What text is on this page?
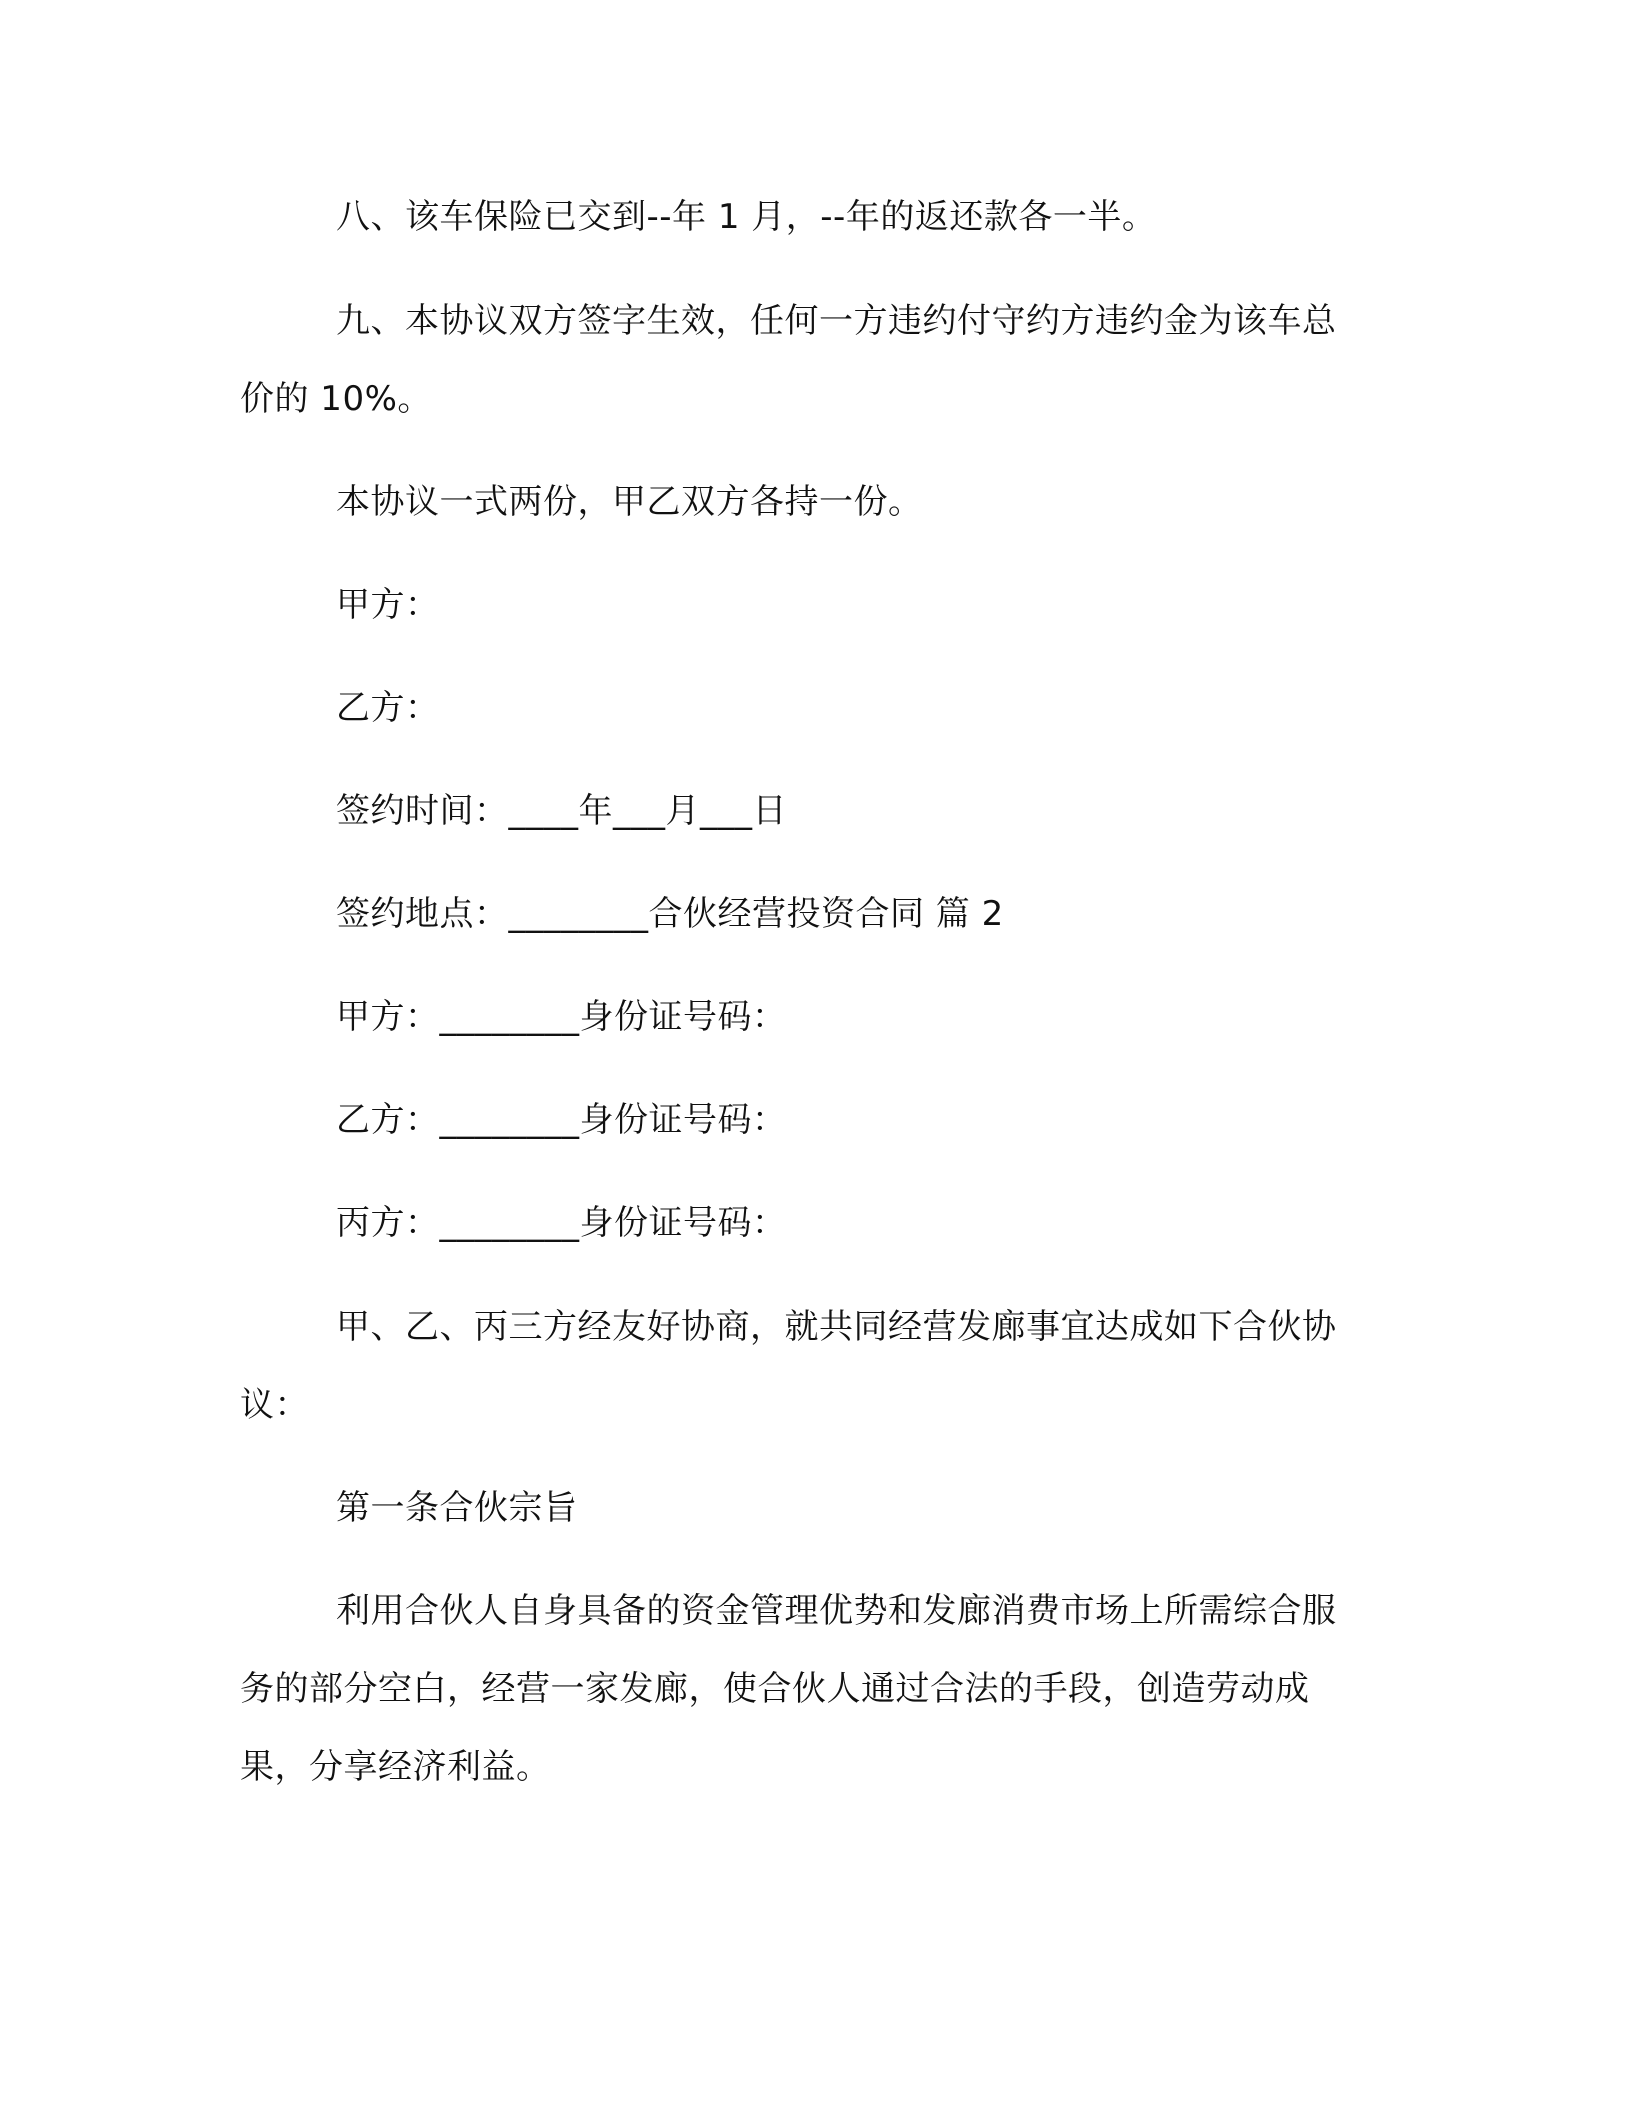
八、该车保险已交到--年 1 月，--年的返还款各一半。

九、本协议双方签字生效，任何一方违约付守约方违约金为该车总价的 10%。

本协议一式两份，甲乙双方各持一份。

甲方：

乙方：

签约时间：____年___月___日

签约地点：________合伙经营投资合同 篇 2

甲方：________身份证号码：

乙方：________身份证号码：

丙方：________身份证号码：

甲、乙、丙三方经友好协商，就共同经营发廊事宜达成如下合伙协议：

第一条合伙宗旨

利用合伙人自身具备的资金管理优势和发廊消费市场上所需综合服务的部分空白，经营一家发廊，使合伙人通过合法的手段，创造劳动成果，分享经济利益。
